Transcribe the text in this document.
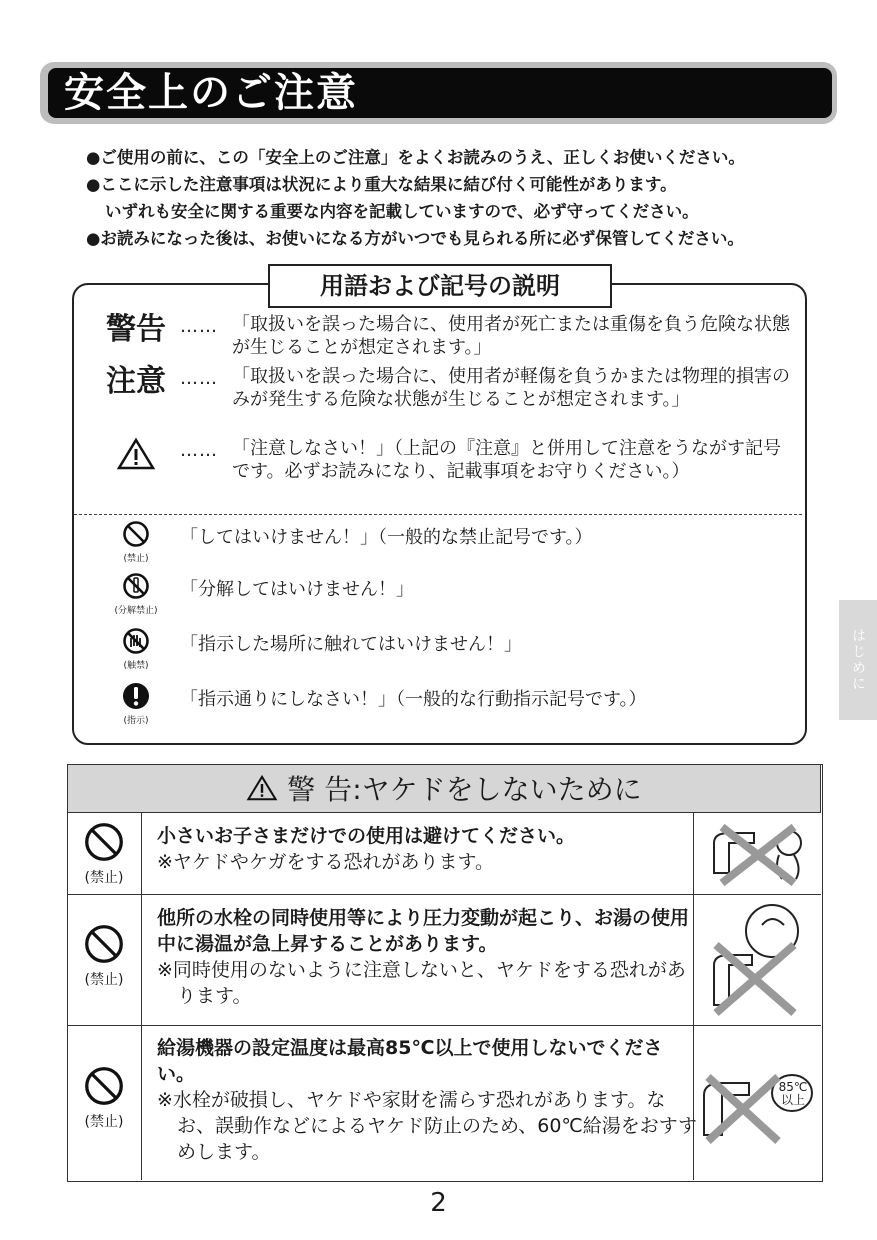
安全上のご注意
●ご使用の前に、この「安全上のご注意」をよくお読みのうえ、正しくお使いください。
●ここに示した注意事項は状況により重大な結果に結び付く可能性があります。
いずれも安全に関する重要な内容を記載していますので、必ず守ってください。
●お読みになった後は、お使いになる方がいつでも見られる所に必ず保管してください。
用語および記号の説明
警告 …… 「取扱いを誤った場合に、使用者が死亡または重傷を負う危険な状態が生じることが想定されます。」
注意 …… 「取扱いを誤った場合に、使用者が軽傷を負うかまたは物理的損害のみが発生する危険な状態が生じることが想定されます。」
…… 「注意しなさい！」（上記の『注意』と併用して注意をうながす記号です。必ずお読みになり、記載事項をお守りください。）
(禁止)
「してはいけません！」（一般的な禁止記号です。）
(分解禁止)
「分解してはいけません！」
(触禁)
「指示した場所に触れてはいけません！」
(指示)
「指示通りにしなさい！」（一般的な行動指示記号です。）
はじめに
警 告:ヤケドをしないために
(禁止)
小さいお子さまだけでの使用は避けてください。
※ヤケドやケガをする恐れがあります。
(禁止)
他所の水栓の同時使用等により圧力変動が起こり、お湯の使用中に湯温が急上昇することがあります。
※同時使用のないように注意しないと、ヤケドをする恐れがあります。
(禁止)
給湯機器の設定温度は最高85℃以上で使用しないでください。
※水栓が破損し、ヤケドや家財を濡らす恐れがあります。なお、誤動作などによるヤケド防止のため、60℃給湯をおすすめします。
85℃以上
2
